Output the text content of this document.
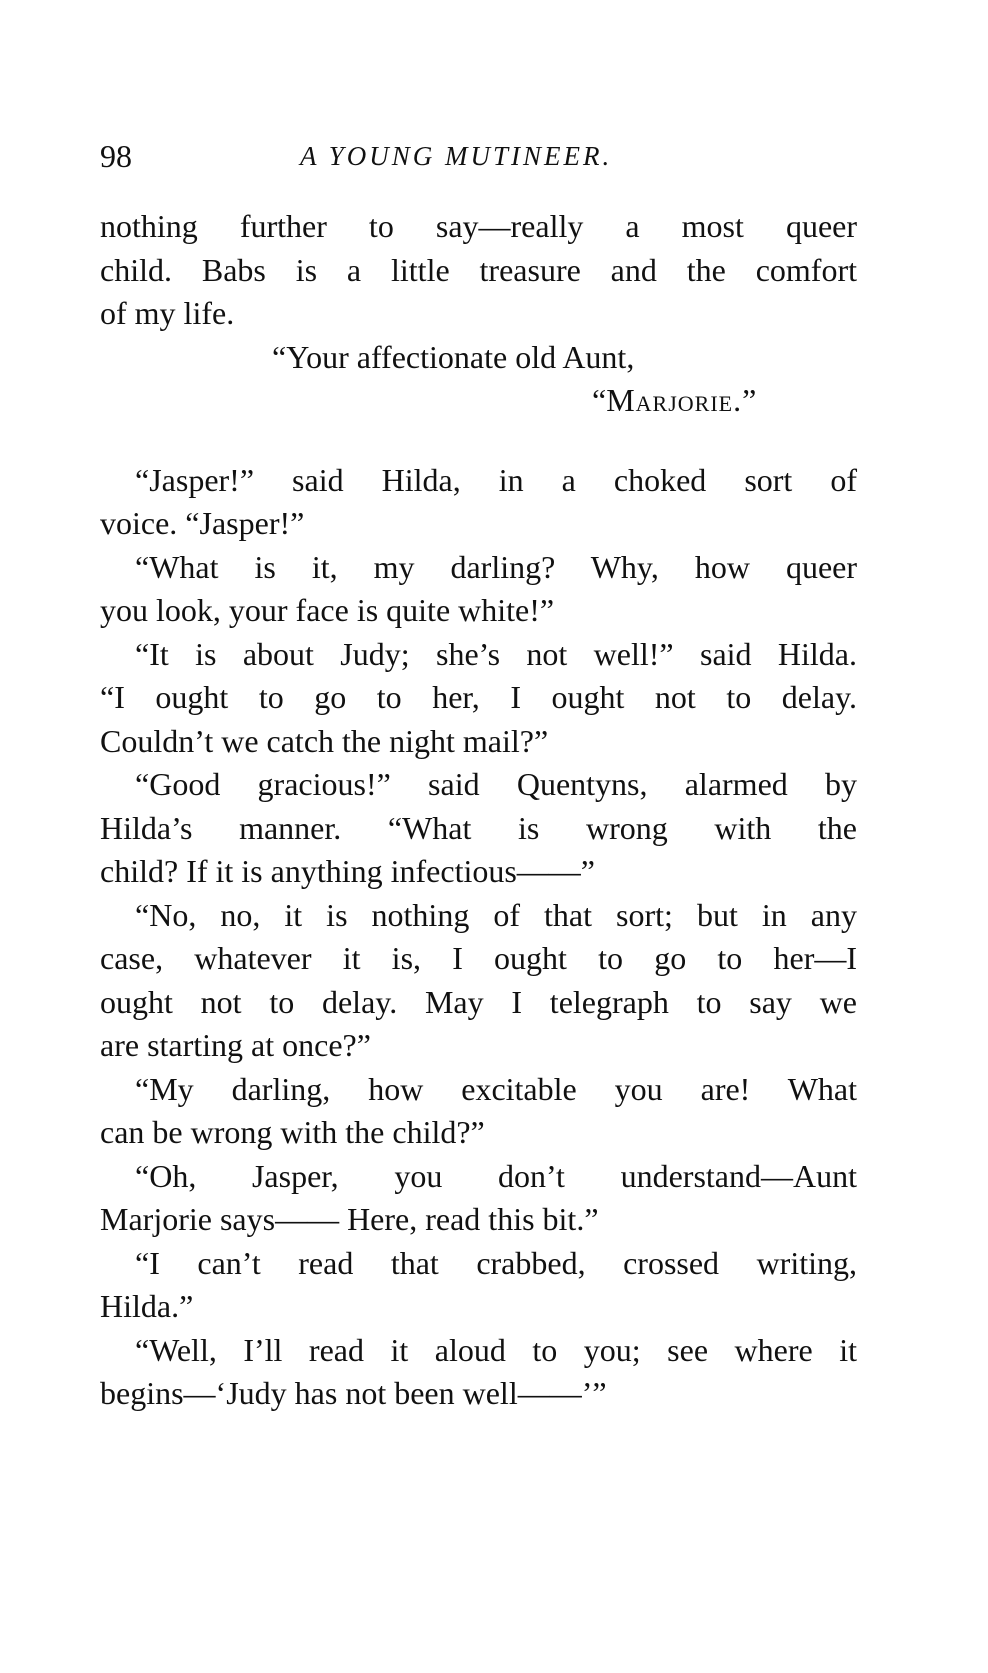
98	A YOUNG MUTINEER.
nothing further to say—really a most queer
child. Babs is a little treasure and the comfort
of my life.
“Your affectionate old Aunt,
“Marjorie.”
“Jasper!” said Hilda, in a choked sort of
voice. “Jasper!”
“What is it, my darling? Why, how queer
you look, your face is quite white!”
“It is about Judy; she’s not well!” said Hilda.
“I ought to go to her, I ought not to delay.
Couldn’t we catch the night mail?”
“Good gracious!” said Quentyns, alarmed by
Hilda’s manner. “What is wrong with the
child? If it is anything infectious——”
“No, no, it is nothing of that sort; but in any
case, whatever it is, I ought to go to her—I
ought not to delay. May I telegraph to say we
are starting at once?”
“My darling, how excitable you are! What
can be wrong with the child?”
“Oh, Jasper, you don’t understand—Aunt
Marjorie says—— Here, read this bit.”
“I can’t read that crabbed, crossed writing,
Hilda.”
“Well, I’ll read it aloud to you; see where it
begins—‘Judy has not been well——’”
